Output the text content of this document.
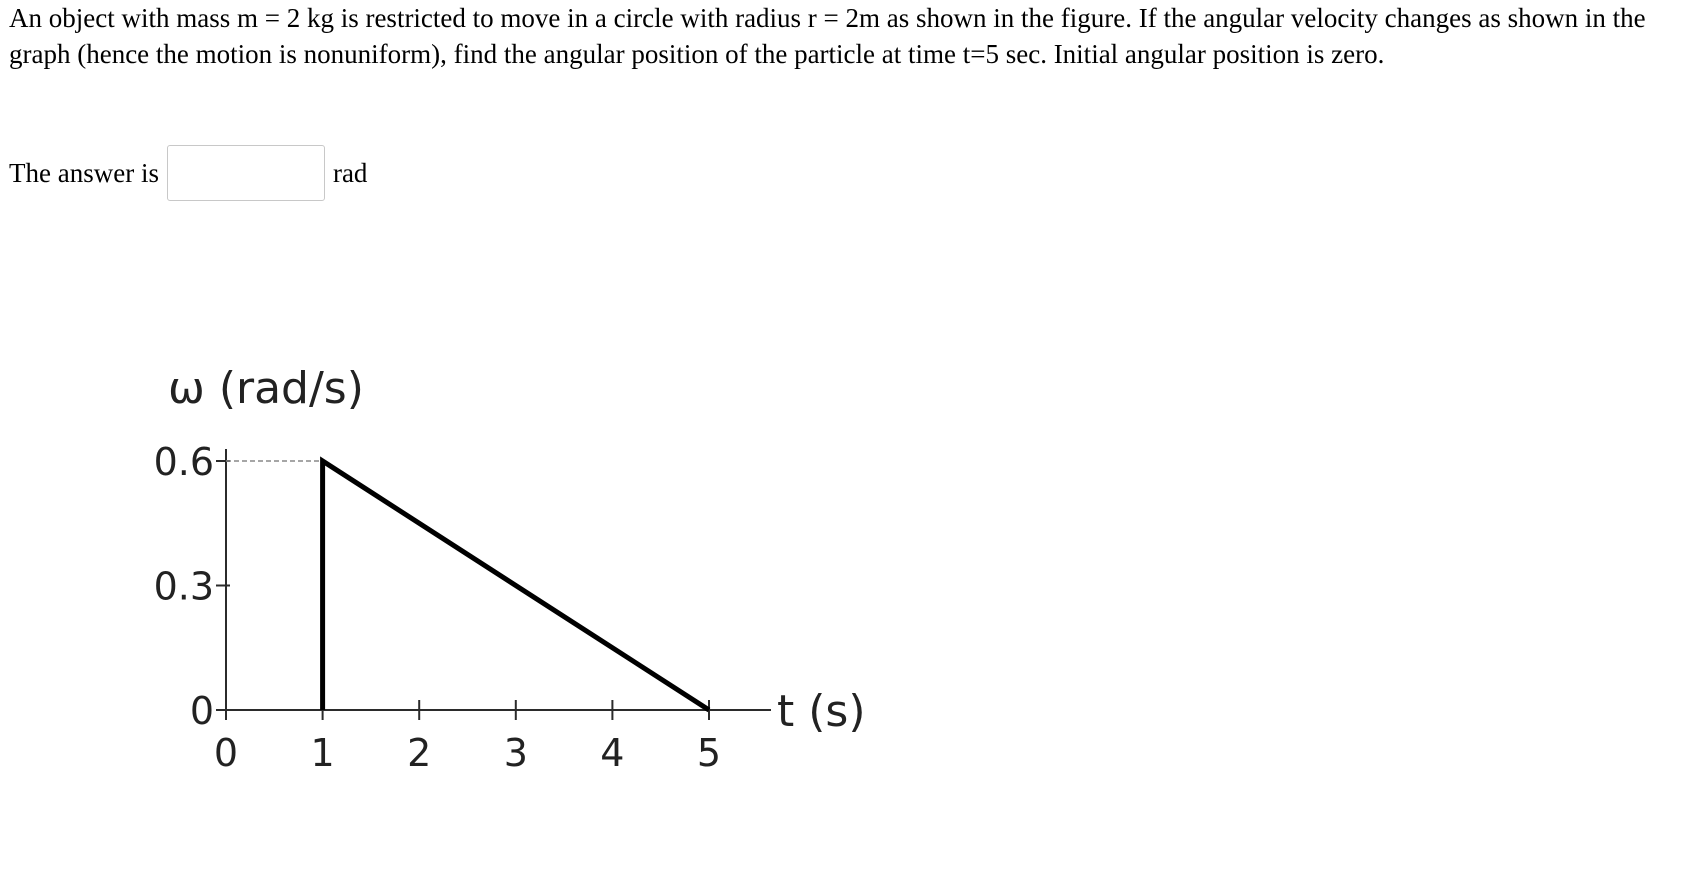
An object with mass m = 2 kg is restricted to move in a circle with radius r = 2m as shown in the figure. If the angular velocity changes as shown in the graph (hence the motion is nonuniform), find the angular position of the particle at time t=5 sec. Initial angular position is zero.

The answer is	rad
0
0.3
0.6
0 1 2 3 4 5
ω (rad/s)
t (s)
